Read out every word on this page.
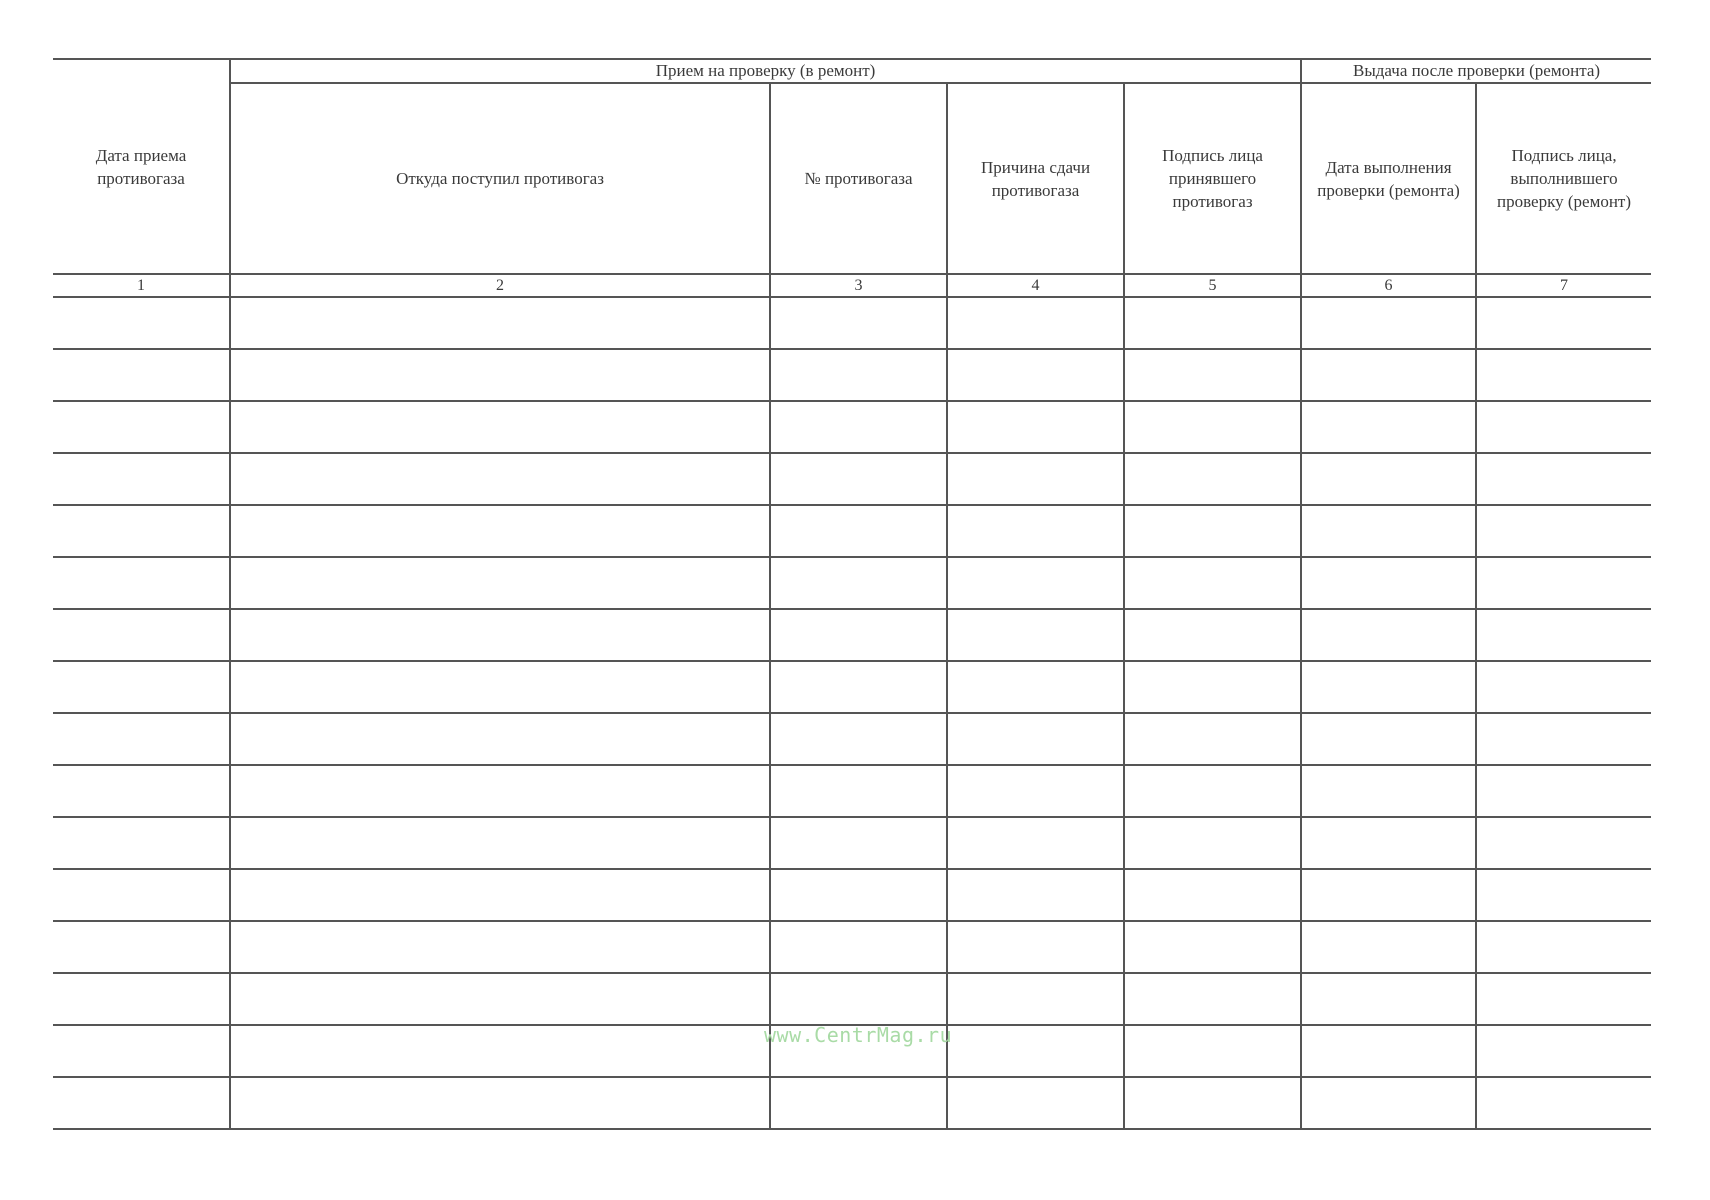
Дата приема противогаза	Прием на проверку (в ремонт)				Выдача после проверки (ремонта)	
	Откуда поступил противогаз	№ противогаза	Причина сдачи противогаза	Подпись лица принявшего противогаз	Дата выполнения проверки (ремонта)	Подпись лица, выполнившего проверку (ремонт)
1	2	3	4	5	6	7

www.CentrMag.ru
